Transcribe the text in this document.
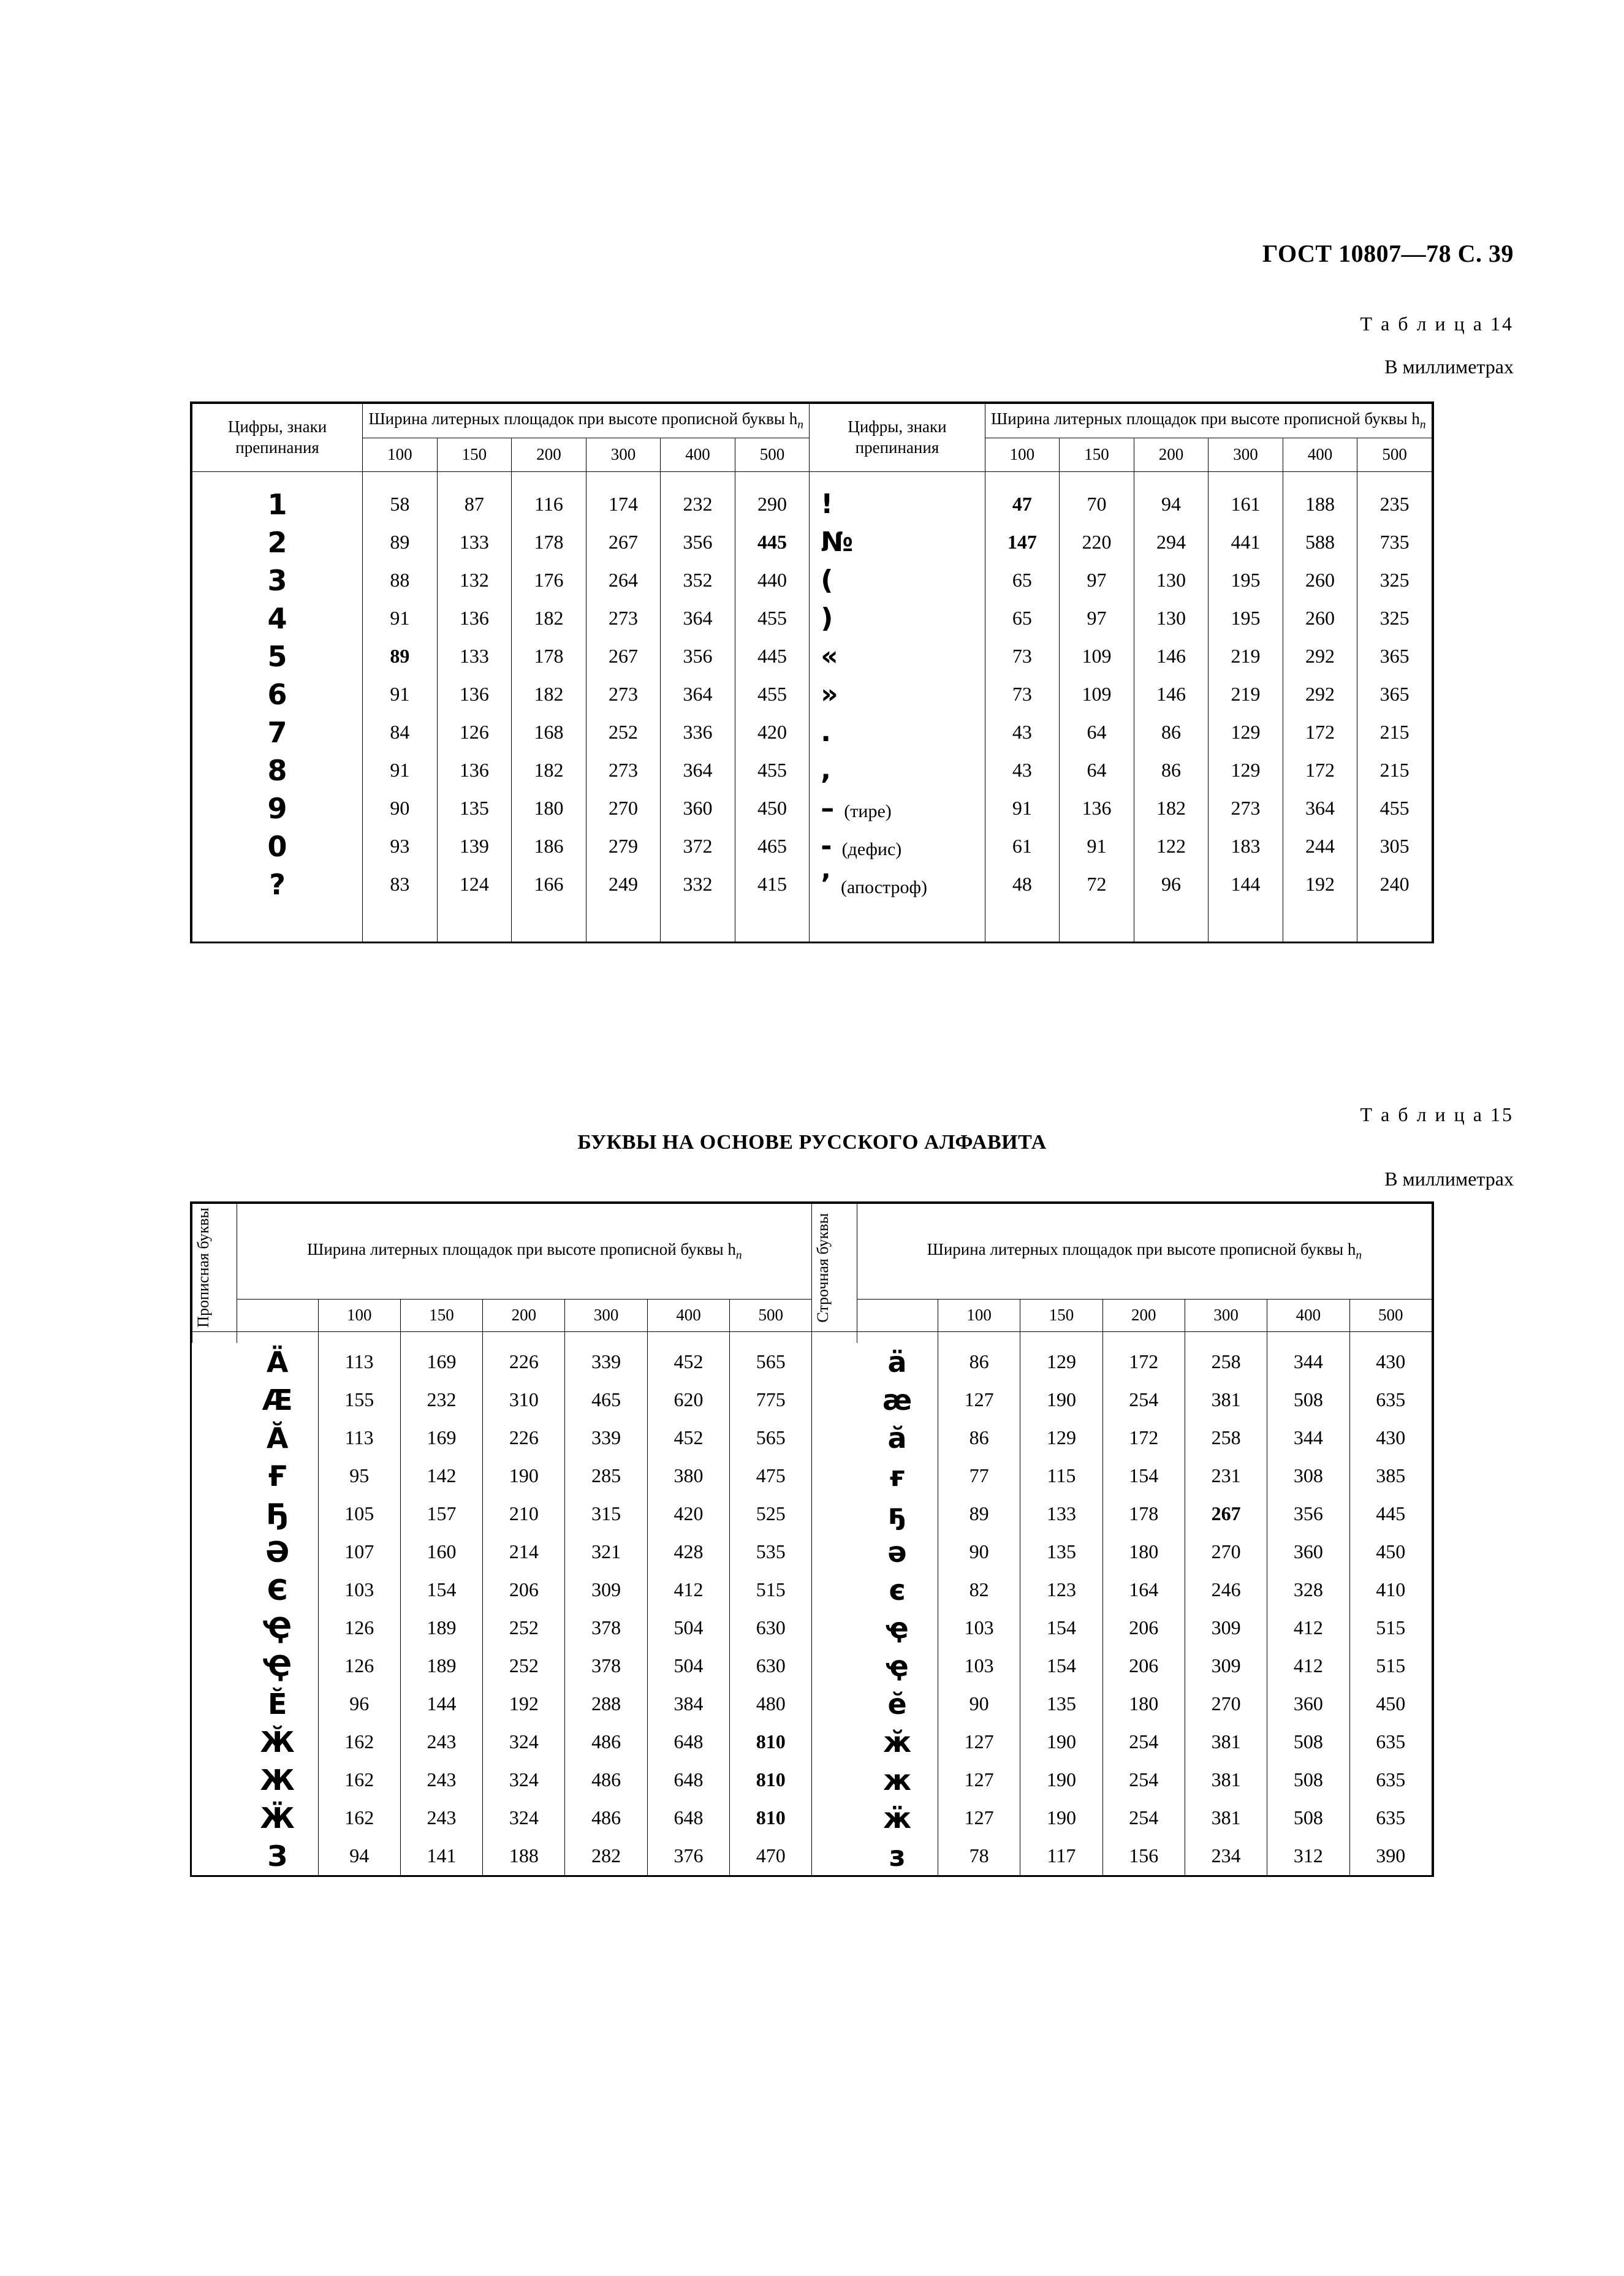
ГОСТ 10807—78 С. 39
Т а б л и ц а 14
В миллиметрах
Цифры, знаки препинания	Ширина литерных площадок при высоте прописной буквы $h_п$						Цифры, знаки препинания	Ширина литерных площадок при высоте прописной буквы $h_п$
	100	150	200	300	400	500		100	150	200	300	400	500

1	58	87	116	174	232	290	!	47	70	94	161	188	235
2	89	133	178	267	356	445	№	147	220	294	441	588	735
3	88	132	176	264	352	440	(	65	97	130	195	260	325
4	91	136	182	273	364	455	)	65	97	130	195	260	325
5	89	133	178	267	356	445	«	73	109	146	219	292	365
6	91	136	182	273	364	455	»	73	109	146	219	292	365
7	84	126	168	252	336	420	.	43	64	86	129	172	215
8	91	136	182	273	364	455	,	43	64	86	129	172	215
9	90	135	180	270	360	450	– (тире)	91	136	182	273	364	455
0	93	139	186	279	372	465	- (дефис)	61	91	122	183	244	305
?	83	124	166	249	332	415	’ (апостроф)	48	72	96	144	192	240

Т а б л и ц а 15
БУКВЫ НА ОСНОВЕ РУССКОГО АЛФАВИТА
В миллиметрах
Прописная буквы	Ширина литерных площадок при высоте прописной буквы $h_п$							Строчная буквы	Ширина литерных площадок при высоте прописной буквы $h_п$
		100	150	200	300	400	500			100	150	200	300	400	500

	Ӓ	113	169	226	339	452	565		ӓ	86	129	172	258	344	430
	Ӕ	155	232	310	465	620	775		ӕ	127	190	254	381	508	635
	Ӑ	113	169	226	339	452	565		ӑ	86	129	172	258	344	430
	Ғ	95	142	190	285	380	475		ғ	77	115	154	231	308	385
	Ҕ	105	157	210	315	420	525		ҕ	89	133	178	267	356	445
	Ә	107	160	214	321	428	535		ә	90	135	180	270	360	450
	Є	103	154	206	309	412	515		є	82	123	164	246	328	410
	Ҿ	126	189	252	378	504	630		ҿ	103	154	206	309	412	515
	Ҿ	126	189	252	378	504	630		ҿ	103	154	206	309	412	515
	Ӗ	96	144	192	288	384	480		ӗ	90	135	180	270	360	450
	Ӂ	162	243	324	486	648	810		ӂ	127	190	254	381	508	635
	Ж	162	243	324	486	648	810		ж	127	190	254	381	508	635
	Ӝ	162	243	324	486	648	810		ӝ	127	190	254	381	508	635
	З	94	141	188	282	376	470		з	78	117	156	234	312	390
